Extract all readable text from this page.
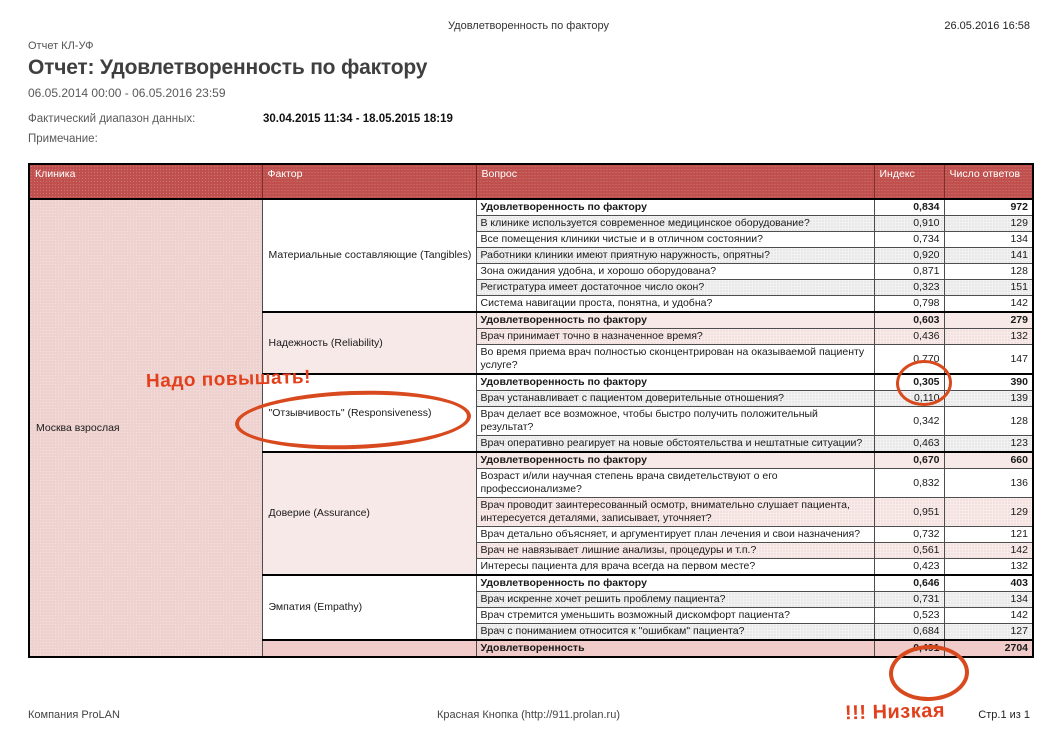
Удовлетворенность по фактору	26.05.2016 16:58
Отчет КЛ-УФ
Отчет: Удовлетворенность по фактору
06.05.2014 00:00 - 06.05.2016 23:59
Фактический диапазон данных:	30.04.2015 11:34 - 18.05.2015 18:19
Примечание:
Клиника	Фактор	Вопрос	Индекс	Число ответов
Москва взрослая	Материальные составляющие (Tangibles)	Удовлетворенность по фактору	0,834	972
		В клинике используется современное медицинское оборудование?	0,910	129
		Все помещения клиники чистые и в отличном состоянии?	0,734	134
		Работники клиники имеют приятную наружность, опрятны?	0,920	141
		Зона ожидания удобна, и хорошо оборудована?	0,871	128
		Регистратура имеет достаточное число окон?	0,323	151
		Система навигации проста, понятна, и удобна?	0,798	142
	Надежность (Reliability)	Удовлетворенность по фактору	0,603	279
		Врач принимает точно в назначенное время?	0,436	132
		Во время приема врач полностью сконцентрирован на оказываемой пациенту услуге?	0,770	147
	"Отзывчивость" (Responsiveness)	Удовлетворенность по фактору	0,305	390
		Врач устанавливает с пациентом доверительные отношения?	0,110	139
		Врач делает все возможное, чтобы быстро получить положительный результат?	0,342	128
		Врач оперативно реагирует на новые обстоятельства и нештатные ситуации?	0,463	123
	Доверие (Assurance)	Удовлетворенность по фактору	0,670	660
		Возраст и/или научная степень врача свидетельствуют о его профессионализме?	0,832	136
		Врач проводит заинтересованный осмотр, внимательно слушает пациента, интересуется деталями, записывает, уточняет?	0,951	129
		Врач детально объясняет, и аргументирует план лечения и свои назначения?	0,732	121
		Врач не навязывает лишние анализы, процедуры и т.п.?	0,561	142
		Интересы пациента для врача всегда на первом месте?	0,423	132
	Эмпатия (Empathy)	Удовлетворенность по фактору	0,646	403
		Врач искренне хочет решить проблему пациента?	0,731	134
		Врач стремится уменьшить возможный дискомфорт пациента?	0,523	142
		Врач с пониманием относится к "ошибкам" пациента?	0,684	127
		Удовлетворенность	0,491	2704
Надо повышать!
!!! Низкая
Компания ProLAN	Красная Кнопка (http://911.prolan.ru)	Стр.1 из 1
